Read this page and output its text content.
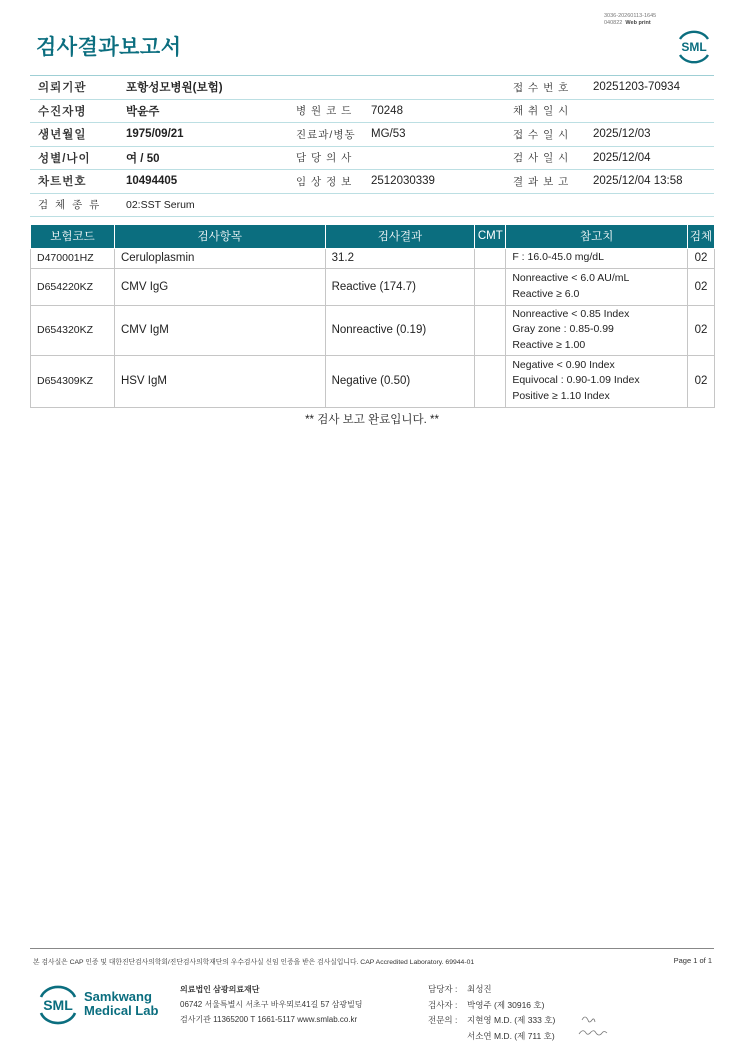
3036-20260113-1645
040822 Web print
검사결과보고서	SML
의뢰기관	포항성모병원(보험)			접 수 번 호	20251203-70934
수진자명	박윤주	병 원 코 드	70248	채 취 일 시	
생년월일	1975/09/21	진료과/병동	MG/53	접 수 일 시	2025/12/03
성별/나이	여 / 50	담 당 의 사		검 사 일 시	2025/12/04
차트번호	10494405	임 상 정 보	2512030339	결 과 보 고	2025/12/04 13:58
검 체 종 류	02:SST Serum				
보험코드	검사항목	검사결과	CMT	참고치	검체
D470001HZ	Ceruloplasmin	31.2		F : 16.0-45.0 mg/dL	02
D654220KZ	CMV IgG	Reactive (174.7)		Nonreactive < 6.0 AU/mL
Reactive ≥ 6.0	02
D654320KZ	CMV IgM	Nonreactive (0.19)		Nonreactive < 0.85 Index
Gray zone : 0.85-0.99
Reactive ≥ 1.00	02
D654309KZ	HSV IgM	Negative (0.50)		Negative < 0.90 Index
Equivocal : 0.90-1.09 Index
Positive ≥ 1.10 Index	02
** 검사 보고 완료입니다. **
본 검사실은 CAP 인증 및 대한진단검사의학회/진단검사의학재단의 우수검사실 신임 인증을 받은 검사실입니다. CAP Accredited Laboratory. 69944-01	Page 1 of 1
SML
Samkwang
Medical Lab
의료법인 삼광의료재단
06742 서울특별시 서초구 바우뫼로41길 57 삼광빌딩
검사기관 11365200 T 1661-5117 www.smlab.co.kr
담당자 :	최성진
검사자 :	박영주 (제 30916 호)
전문의 :	지현영 M.D. (제 333 호)
서소연 M.D. (제 711 호)
